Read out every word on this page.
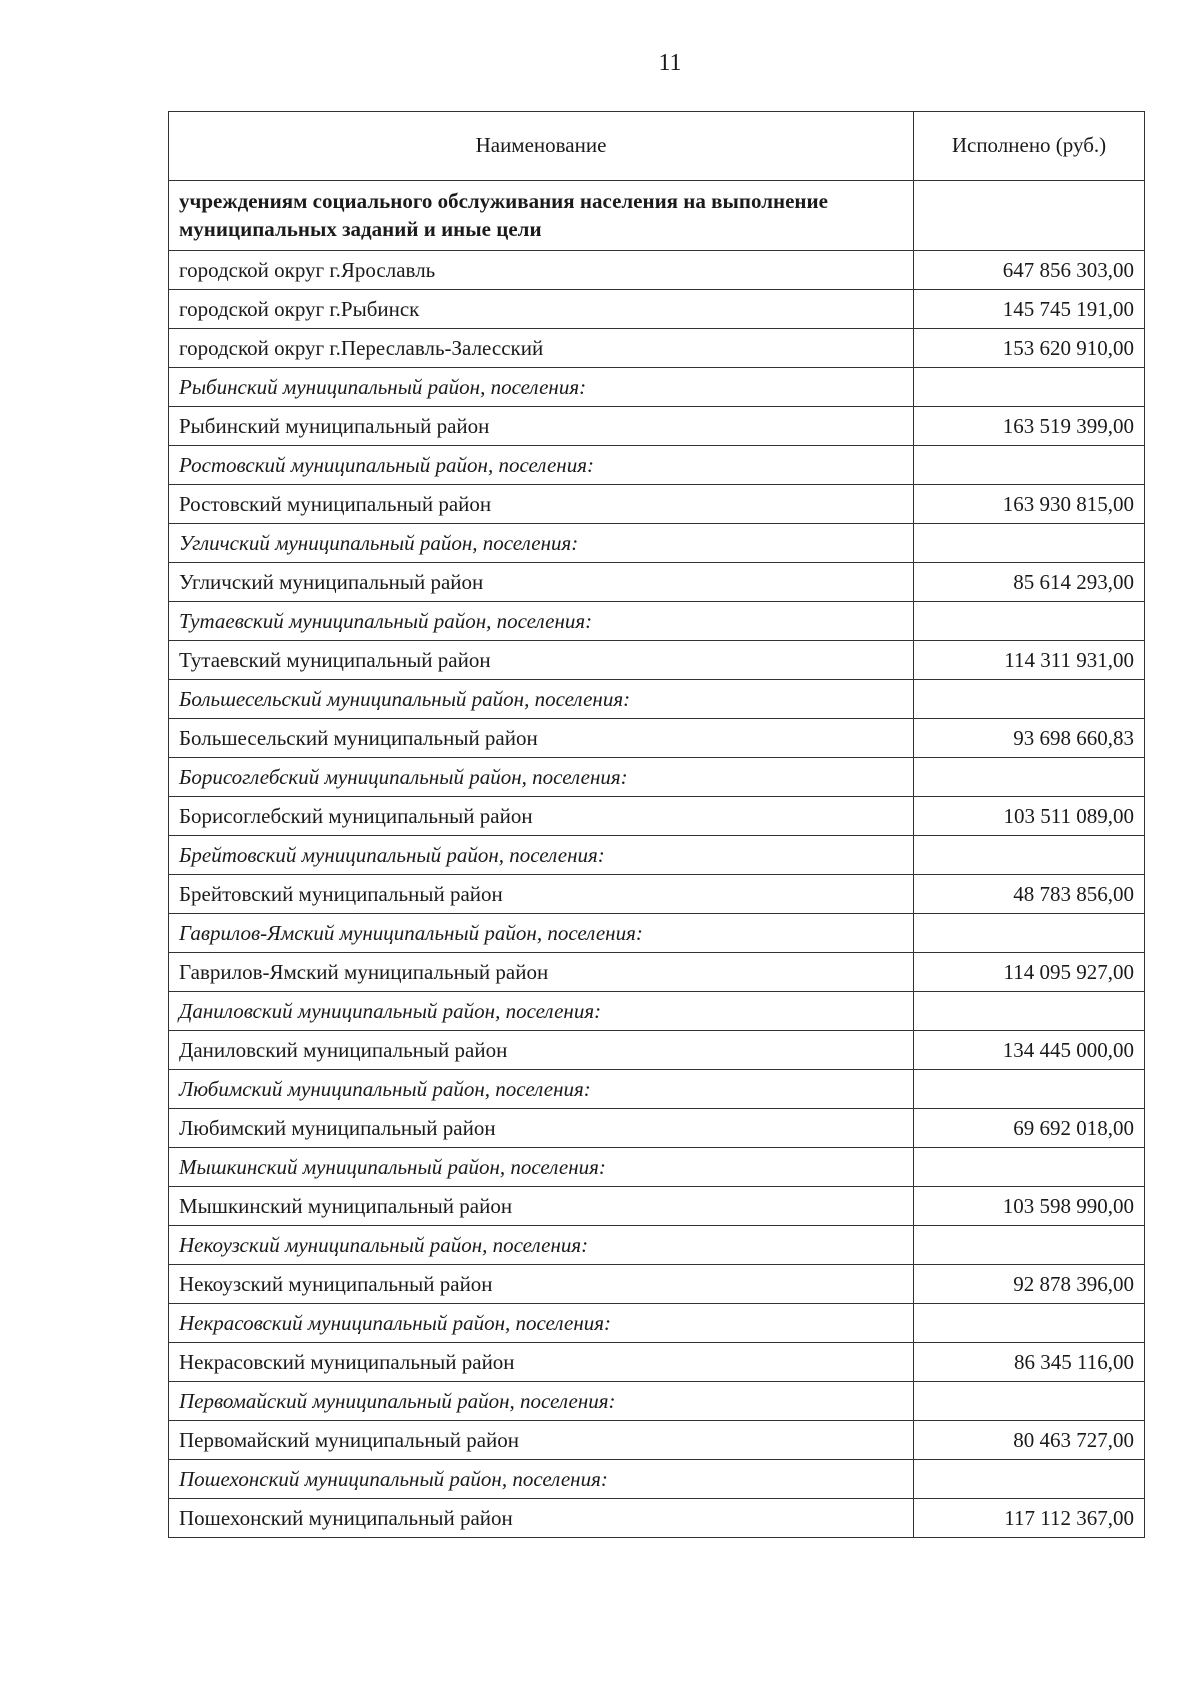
11
Наименование	Исполнено (руб.)
учреждениям социального обслуживания населения на выполнение муниципальных заданий и иные цели	
городской округ г.Ярославль	647 856 303,00
городской округ г.Рыбинск	145 745 191,00
городской округ г.Переславль-Залесский	153 620 910,00
Рыбинский муниципальный район, поселения:	
Рыбинский муниципальный район	163 519 399,00
Ростовский муниципальный район, поселения:	
Ростовский муниципальный район	163 930 815,00
Угличский муниципальный район, поселения:	
Угличский муниципальный район	85 614 293,00
Тутаевский муниципальный район, поселения:	
Тутаевский муниципальный район	114 311 931,00
Большесельский муниципальный район, поселения:	
Большесельский муниципальный район	93 698 660,83
Борисоглебский муниципальный район, поселения:	
Борисоглебский муниципальный район	103 511 089,00
Брейтовский муниципальный район, поселения:	
Брейтовский муниципальный район	48 783 856,00
Гаврилов-Ямский муниципальный район, поселения:	
Гаврилов-Ямский муниципальный район	114 095 927,00
Даниловский муниципальный район, поселения:	
Даниловский муниципальный район	134 445 000,00
Любимский муниципальный район, поселения:	
Любимский муниципальный район	69 692 018,00
Мышкинский муниципальный район, поселения:	
Мышкинский муниципальный район	103 598 990,00
Некоузский муниципальный район, поселения:	
Некоузский муниципальный район	92 878 396,00
Некрасовский муниципальный район, поселения:	
Некрасовский муниципальный район	86 345 116,00
Первомайский муниципальный район, поселения:	
Первомайский муниципальный район	80 463 727,00
Пошехонский муниципальный район, поселения:	
Пошехонский муниципальный район	117 112 367,00
